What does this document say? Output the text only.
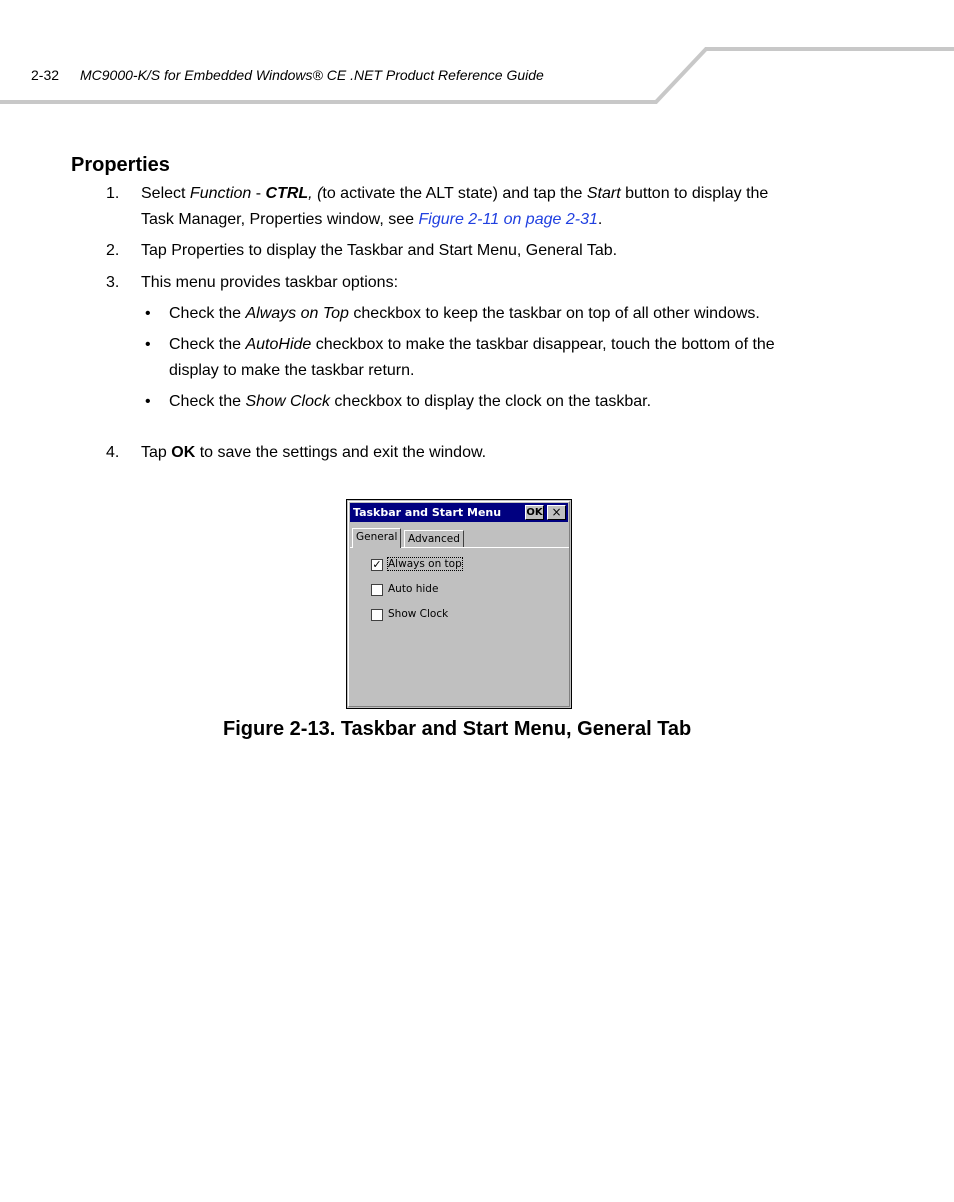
2-32 MC9000-K/S for Embedded Windows® CE .NET Product Reference Guide
Properties
1. Select Function - CTRL, (to activate the ALT state) and tap the Start button to display the
Task Manager, Properties window, see Figure 2-11 on page 2-31.
2. Tap Properties to display the Taskbar and Start Menu, General Tab.
3. This menu provides taskbar options:
• Check the Always on Top checkbox to keep the taskbar on top of all other windows.
• Check the AutoHide checkbox to make the taskbar disappear, touch the bottom of the
display to make the taskbar return.
• Check the Show Clock checkbox to display the clock on the taskbar.
4. Tap OK to save the settings and exit the window.
Taskbar and Start Menu	OK ×
General	Advanced
✓ Always on top
Auto hide
Show Clock
Figure 2-13. Taskbar and Start Menu, General Tab
